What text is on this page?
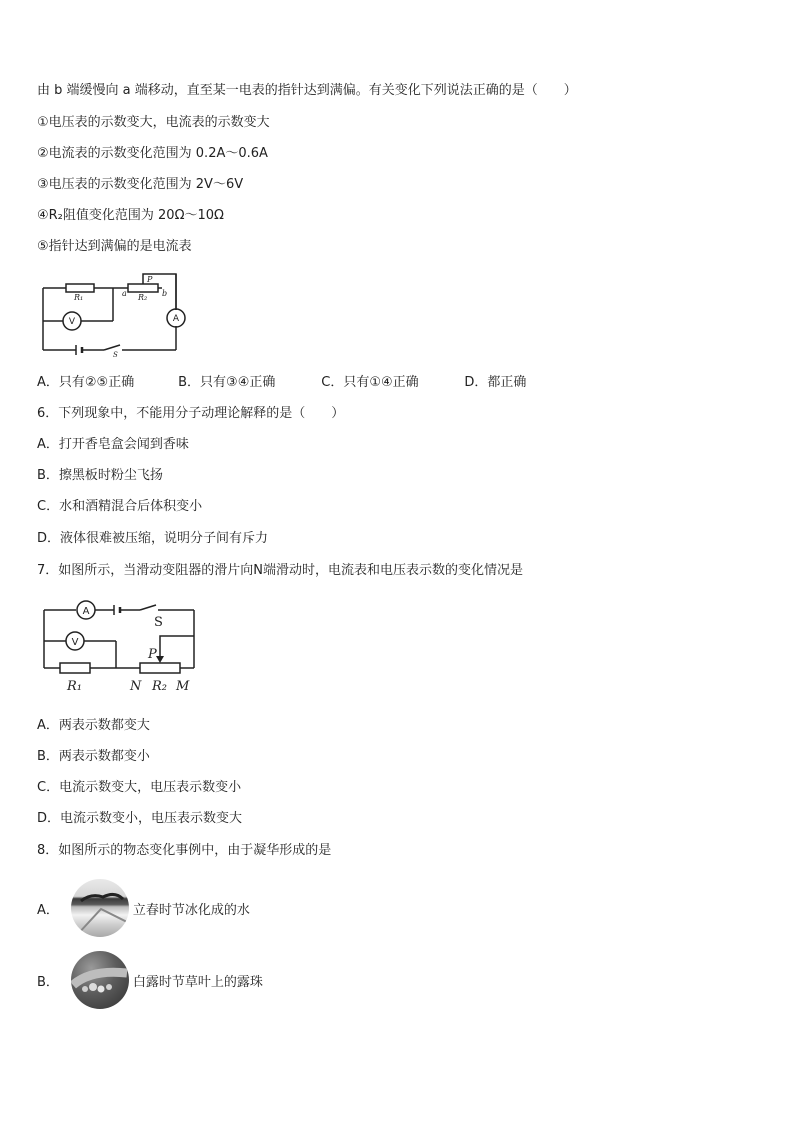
由 b 端缓慢向 a 端移动，直至某一电表的指针达到满偏。有关变化下列说法正确的是（　　）
①电压表的示数变大，电流表的示数变大
②电流表的示数变化范围为 0.2A～0.6A
③电压表的示数变化范围为 2V～6V
④R₂阻值变化范围为 20Ω～10Ω
⑤指针达到满偏的是电流表
R₁	a R₂ b
P
S
V	A
A．只有②⑤正确	B．只有③④正确	C．只有①④正确	D．都正确
6．下列现象中，不能用分子动理论解释的是（　　）
A．打开香皂盒会闻到香味
B．擦黑板时粉尘飞扬
C．水和酒精混合后体积变小
D．液体很难被压缩，说明分子间有斥力
7．如图所示，当滑动变阻器的滑片向N端滑动时，电流表和电压表示数的变化情况是
P
S
R₁	N R₂ M
A
V
A．两表示数都变大
B．两表示数都变小
C．电流示数变大，电压表示数变小
D．电流示数变小，电压表示数变大
8．如图所示的物态变化事例中，由于凝华形成的是
A．	立春时节冰化成的水
B．	白露时节草叶上的露珠
